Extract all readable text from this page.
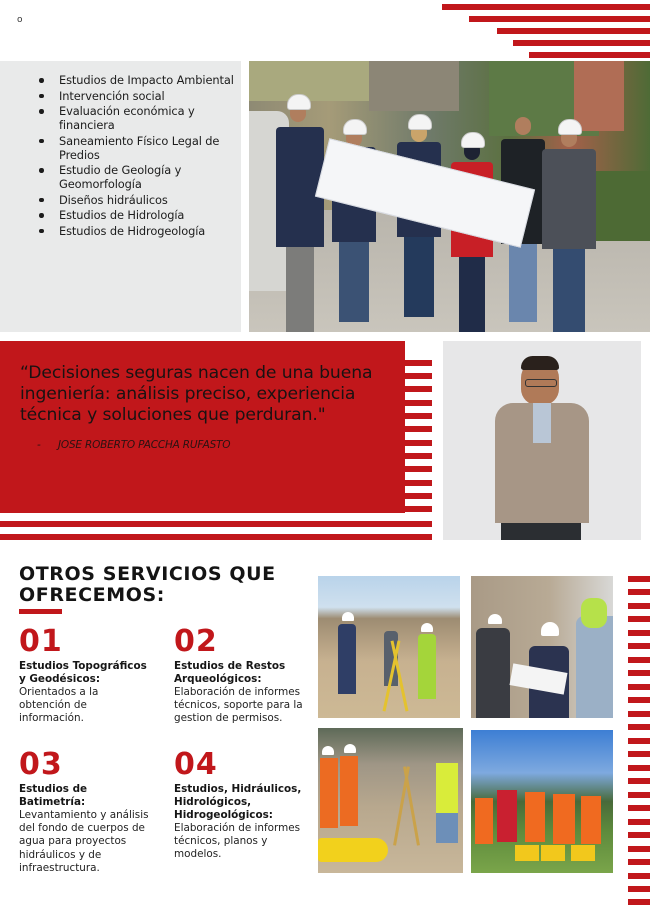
o
Estudios de Impacto Ambiental
Intervención social
Evaluación económica y financiera
Saneamiento Físico Legal de Predios
Estudio de Geología y Geomorfología
Diseños hidráulicos
Estudios de Hidrología
Estudios de Hidrogeología
“Decisiones seguras nacen de una buena ingeniería: análisis preciso, experiencia técnica y soluciones que perduran."
- JOSE ROBERTO PACCHA RUFASTO
OTROS SERVICIOS QUE
OFRECEMOS:
01
Estudios Topográficos y Geodésicos:
Orientados a la obtención de información.
02
Estudios de Restos Arqueológicos:
Elaboración de informes técnicos, soporte para la gestion de permisos.
03
Estudios de Batimetría:
Levantamiento y análisis del fondo de cuerpos de agua para proyectos hidráulicos y de infraestructura.
04
Estudios, Hidráulicos, Hidrológicos, Hidrogeológicos:
Elaboración de informes técnicos, planos y modelos.
